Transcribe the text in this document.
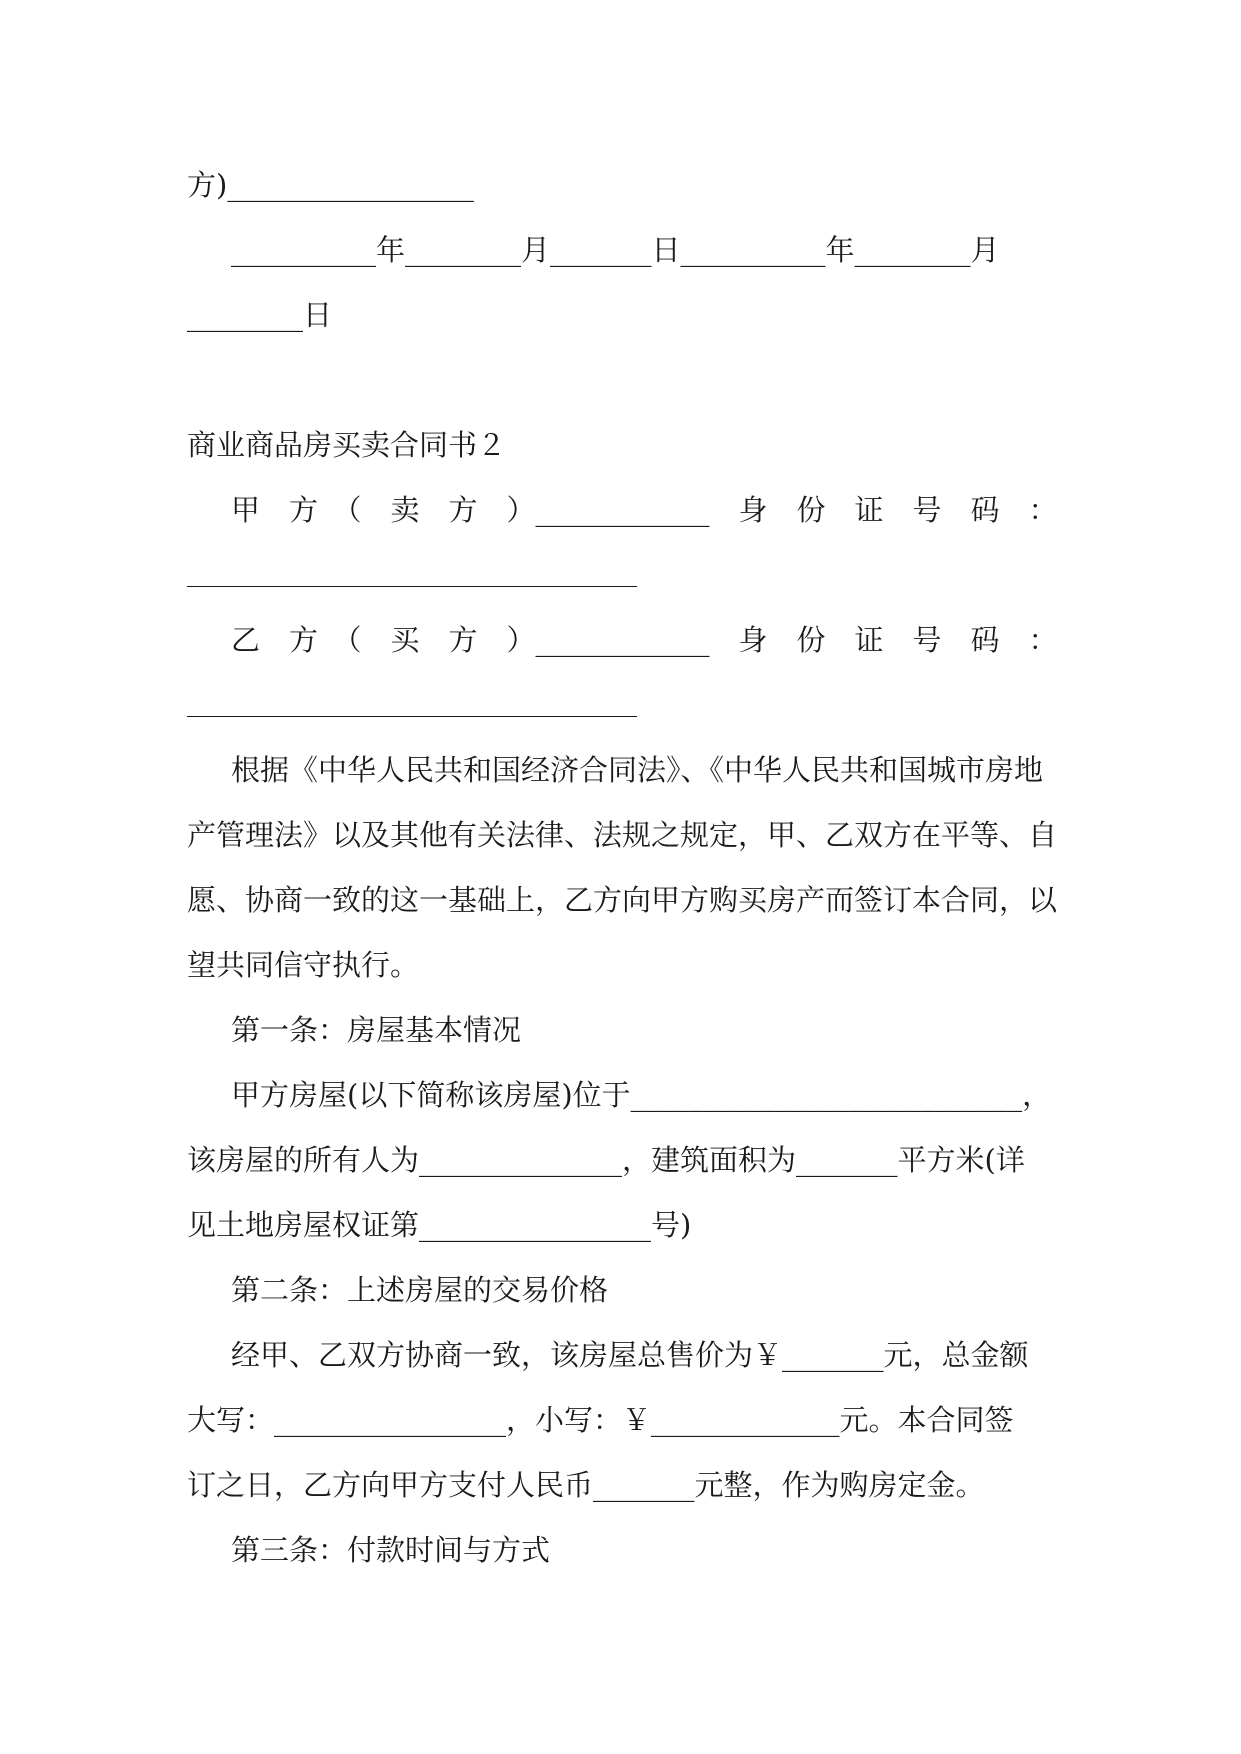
方)_________________

__________年________月_______日__________年________月

________日

商业商品房买卖合同书２

甲　方　（　卖　方　）____________　身　份　证　号　码　：

乙　方　（　买　方　）____________　身　份　证　号　码　：

根据《中华人民共和国经济合同法》、《中华人民共和国城市房地

产管理法》以及其他有关法律、法规之规定，甲、乙双方在平等、自

愿、协商一致的这一基础上，乙方向甲方购买房产而签订本合同，以

望共同信守执行。

第一条：房屋基本情况

甲方房屋(以下简称该房屋)位于___________________________，

该房屋的所有人为______________，建筑面积为_______平方米(详

见土地房屋权证第________________号)

第二条：上述房屋的交易价格

经甲、乙双方协商一致，该房屋总售价为￥_______元，总金额

大写：________________，小写：￥_____________元。本合同签

订之日，乙方向甲方支付人民币_______元整，作为购房定金。

第三条：付款时间与方式
